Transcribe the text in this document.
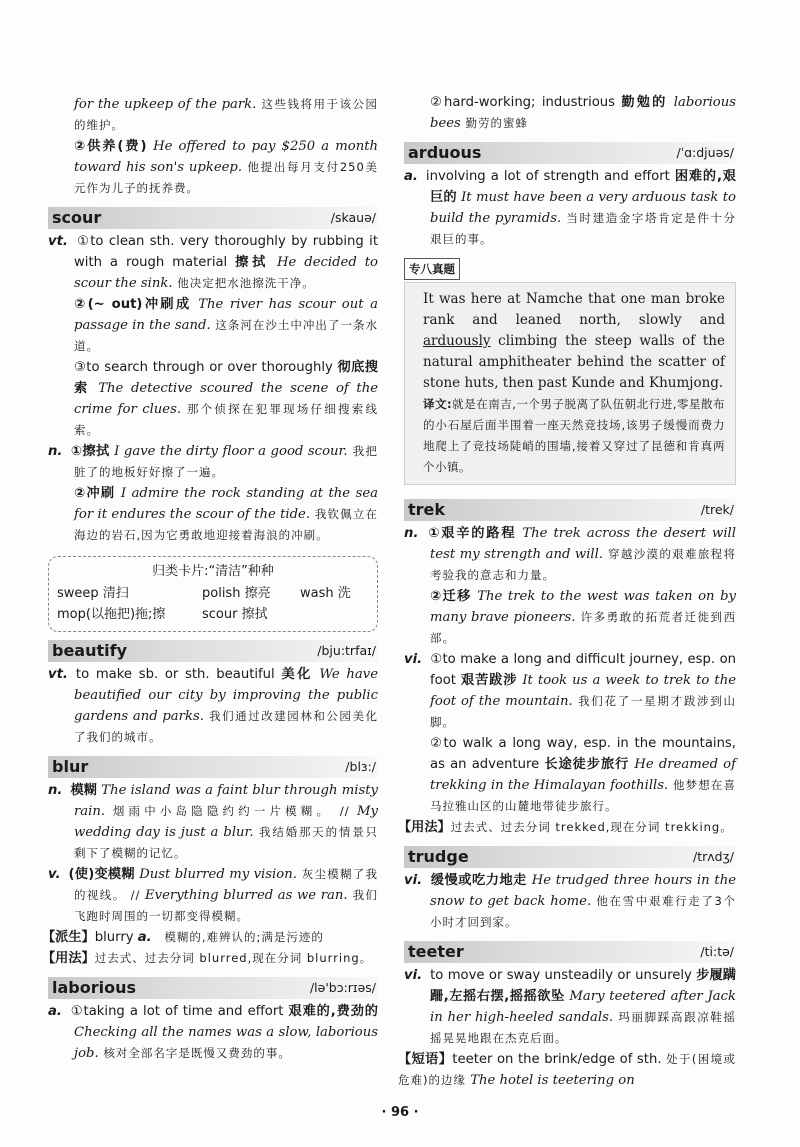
for the upkeep of the park. 这些钱将用于该公园的维护。
②供养(费) He offered to pay $250 a month toward his son's upkeep. 他提出每月支付250美元作为儿子的抚养费。
scour	/skauə/
vt. ①to clean sth. very thoroughly by rubbing it with a rough material 擦拭 He decided to scour the sink. 他决定把水池擦洗干净。
②(~ out)冲刷成 The river has scour out a passage in the sand. 这条河在沙土中冲出了一条水道。
③to search through or over thoroughly 彻底搜索 The detective scoured the scene of the crime for clues. 那个侦探在犯罪现场仔细搜索线索。
n. ①擦拭 I gave the dirty floor a good scour. 我把脏了的地板好好擦了一遍。
②冲刷 I admire the rock standing at the sea for it endures the scour of the tide. 我钦佩立在海边的岩石,因为它勇敢地迎接着海浪的冲刷。
归类卡片:“清洁”种种
sweep 清扫	polish 擦亮	wash 洗
mop(以拖把)拖;擦	scour 擦拭
beautify	/bju:trfaɪ/
vt. to make sb. or sth. beautiful 美化 We have beautified our city by improving the public gardens and parks. 我们通过改建园林和公园美化了我们的城市。
blur	/blɜ:/
n. 模糊 The island was a faint blur through misty rain. 烟雨中小岛隐隐约约一片模糊。 // My wedding day is just a blur. 我结婚那天的情景只剩下了模糊的记忆。
v. (使)变模糊 Dust blurred my vision. 灰尘模糊了我的视线。 // Everything blurred as we ran. 我们飞跑时周围的一切都变得模糊。
【派生】blurry a. 模糊的,难辨认的;满是污迹的
【用法】过去式、过去分词 blurred,现在分词 blurring。
laborious	/lə'bɔ:rɪəs/
a. ①taking a lot of time and effort 艰难的,费劲的 Checking all the names was a slow, laborious job. 核对全部名字是既慢又费劲的事。
②hard-working; industrious 勤勉的 laborious bees 勤劳的蜜蜂
arduous	/ˈɑ:djuəs/
a. involving a lot of strength and effort 困难的,艰巨的 It must have been a very arduous task to build the pyramids. 当时建造金字塔肯定是件十分艰巨的事。
专八真题
It was here at Namche that one man broke rank and leaned north, slowly and arduously climbing the steep walls of the natural amphitheater behind the scatter of stone huts, then past Kunde and Khumjong.
译文:就是在南吉,一个男子脱离了队伍朝北行进,零星散布的小石屋后面半围着一座天然竞技场,该男子缓慢而费力地爬上了竞技场陡峭的围墙,接着又穿过了昆德和肯真两个小镇。
trek	/trek/
n. ①艰辛的路程 The trek across the desert will test my strength and will. 穿越沙漠的艰难旅程将考验我的意志和力量。
②迁移 The trek to the west was taken on by many brave pioneers. 许多勇敢的拓荒者迁徙到西部。
vi. ①to make a long and difficult journey, esp. on foot 艰苦跋涉 It took us a week to trek to the foot of the mountain. 我们花了一星期才跋涉到山脚。
②to walk a long way, esp. in the mountains, as an adventure 长途徒步旅行 He dreamed of trekking in the Himalayan foothills. 他梦想在喜马拉雅山区的山麓地带徒步旅行。
【用法】过去式、过去分词 trekked,现在分词 trekking。
trudge	/trʌdʒ/
vi. 缓慢或吃力地走 He trudged three hours in the snow to get back home. 他在雪中艰难行走了3个小时才回到家。
teeter	/ti:tə/
vi. to move or sway unsteadily or unsurely 步履蹒跚,左摇右摆,摇摇欲坠 Mary teetered after Jack in her high-heeled sandals. 玛丽脚踩高跟凉鞋摇摇晃晃地跟在杰克后面。
【短语】teeter on the brink/edge of sth. 处于(困境或危难)的边缘 The hotel is teetering on
· 96 ·
